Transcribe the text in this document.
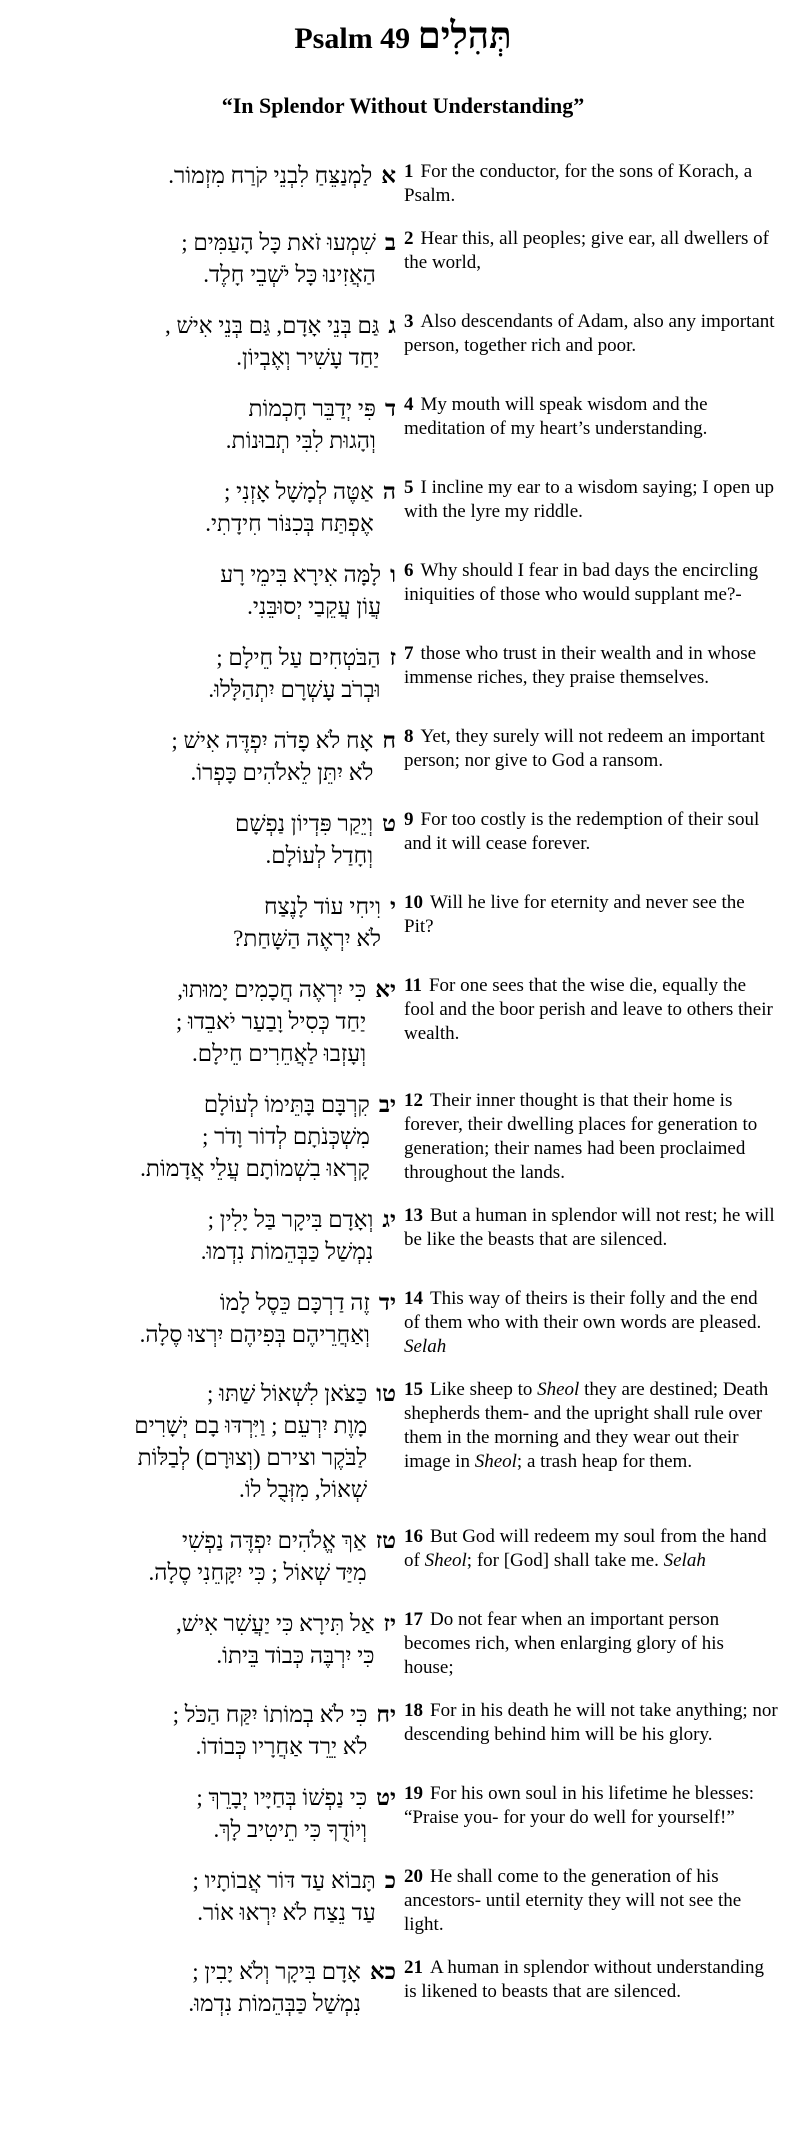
Psalm 49 תְּהִלִים
“In Splendor Without Understanding”
א
לַמְנַצֵּחַ לִבְנֵי קֹרַח מִזְמוֹר. 1 For the conductor, for the sons of Korach, a Psalm.
ב
שִׁמְעוּ זֹאת כָּל הָעַמִּים ;
הַאֲזִינוּ כָּל יֹשְׁבֵי חָלֶד.
2 Hear this, all peoples; give ear, all dwellers of the world,
ג
גַּם בְּנֵי אָדָם, גַּם בְּנֵי אִישׁ ,
יַחַד עָשִׁיר וְאֶבְיוֹן.
3 Also descendants of Adam, also any important person, together rich and poor.
ד
פִּי יְדַבֵּר חָכְמוֹת
וְהָגוּת לִבִּי תְבוּנוֹת.
4 My mouth will speak wisdom and the meditation of my heart’s understanding.
ה
אַטֶּה לְמָשָׁל אָזְנִי ;
אֶפְתַּח בְּכִנּוֹר חִידָתִי.
5 I incline my ear to a wisdom saying; I open up with the lyre my riddle.
ו
לָמָּה אִירָא בִּימֵי רָע
עֲוֹן עֲקֵבַי יְסוּבֵּנִי.
6 Why should I fear in bad days the encircling iniquities of those who would supplant me?-
ז
הַבֹּטְחִים עַל חֵילָם ;
וּבְרֹב עָשְׁרָם יִתְהַלָּלוּ.
7 those who trust in their wealth and in whose immense riches, they praise themselves.
ח
אָח לֹא פָדֹה יִפְדֶּה אִישׁ ;
לֹא יִתֵּן לֵאלֹהִים כָּפְרוֹ.
8 Yet, they surely will not redeem an important person; nor give to God a ransom.
ט
וְיֵקַר פִּדְיוֹן נַפְשָׁם
וְחָדַל לְעוֹלָם.
9 For too costly is the redemption of their soul and it will cease forever.
י
וִיחִי עוֹד לָנֶצַח
לֹא יִרְאֶה הַשָּׁחַת?
10 Will he live for eternity and never see the Pit?
יא
כִּי יִרְאֶה חֲכָמִים יָמוּתוּ,
יַחַד כְּסִיל וָבַעַר יֹאבֵדוּ ;
וְעָזְבוּ לַאֲחֵרִים חֵילָם.
11 For one sees that the wise die, equally the fool and the boor perish and leave to others their wealth.
יב
קִרְבָּם בָּתֵּימוֹ לְעוֹלָם
מִשְׁכְּנֹתָם לְדוֹר וָדֹר ;
קָרְאוּ בִשְׁמוֹתָם עֲלֵי אֲדָמוֹת.
12 Their inner thought is that their home is forever, their dwelling places for generation to generation; their names had been proclaimed throughout the lands.
יג
וְאָדָם בִּיקָר בַּל יָלִין ;
נִמְשַׁל כַּבְּהֵמוֹת נִדְמוּ.
13 But a human in splendor will not rest; he will be like the beasts that are silenced.
יד
זֶה דַרְכָּם כֵּסֶל לָמוֹ
וְאַחֲרֵיהֶם בְּפִיהֶם יִרְצוּ סֶלָה.
14 This way of theirs is their folly and the end of them who with their own words are pleased. Selah
טו
כַּצֹּאן לִשְׁאוֹל שַׁתּוּ ;
מָוֶת יִרְעֵם ; וַיִּרְדּוּ בָם יְשָׁרִים
לַבֹּקֶר וצירם (וְצוּרָם) לְבַלּוֹת
שְׁאוֹל, מִזְּבֻל לוֹ.
15 Like sheep to Sheol they are destined; Death shepherds them- and the upright shall rule over them in the morning and they wear out their image in Sheol; a trash heap for them.
טז
אַךְ אֱלֹהִים יִפְדֶּה נַפְשִׁי
מִיַּד שְׁאוֹל ; כִּי יִקָּחֵנִי סֶלָה.
16 But God will redeem my soul from the hand of Sheol; for [God] shall take me. Selah
יז
אַל תִּירָא כִּי יַעֲשִׁר אִישׁ,
כִּי יִרְבֶּה כְּבוֹד בֵּיתוֹ.
17 Do not fear when an important person becomes rich, when enlarging glory of his house;
יח
כִּי לֹא בְמוֹתוֹ יִקַּח הַכֹּל ;
לֹא יֵרֵד אַחֲרָיו כְּבוֹדוֹ.
18 For in his death he will not take anything; nor descending behind him will be his glory.
יט
כִּי נַפְשׁוֹ בְּחַיָּיו יְבָרֵךְ ;
וְיוֹדֻךָ כִּי תֵיטִיב לָךְ.
19 For his own soul in his lifetime he blesses: “Praise you- for your do well for yourself!”
כ
תָּבוֹא עַד דּוֹר אֲבוֹתָיו ;
עַד נֵצַח לֹא יִרְאוּ אוֹר.
20 He shall come to the generation of his ancestors- until eternity they will not see the light.
כא
אָדָם בִּיקָר וְלֹא יָבִין ;
נִמְשַׁל כַּבְּהֵמוֹת נִדְמוּ.
21 A human in splendor without understanding is likened to beasts that are silenced.
